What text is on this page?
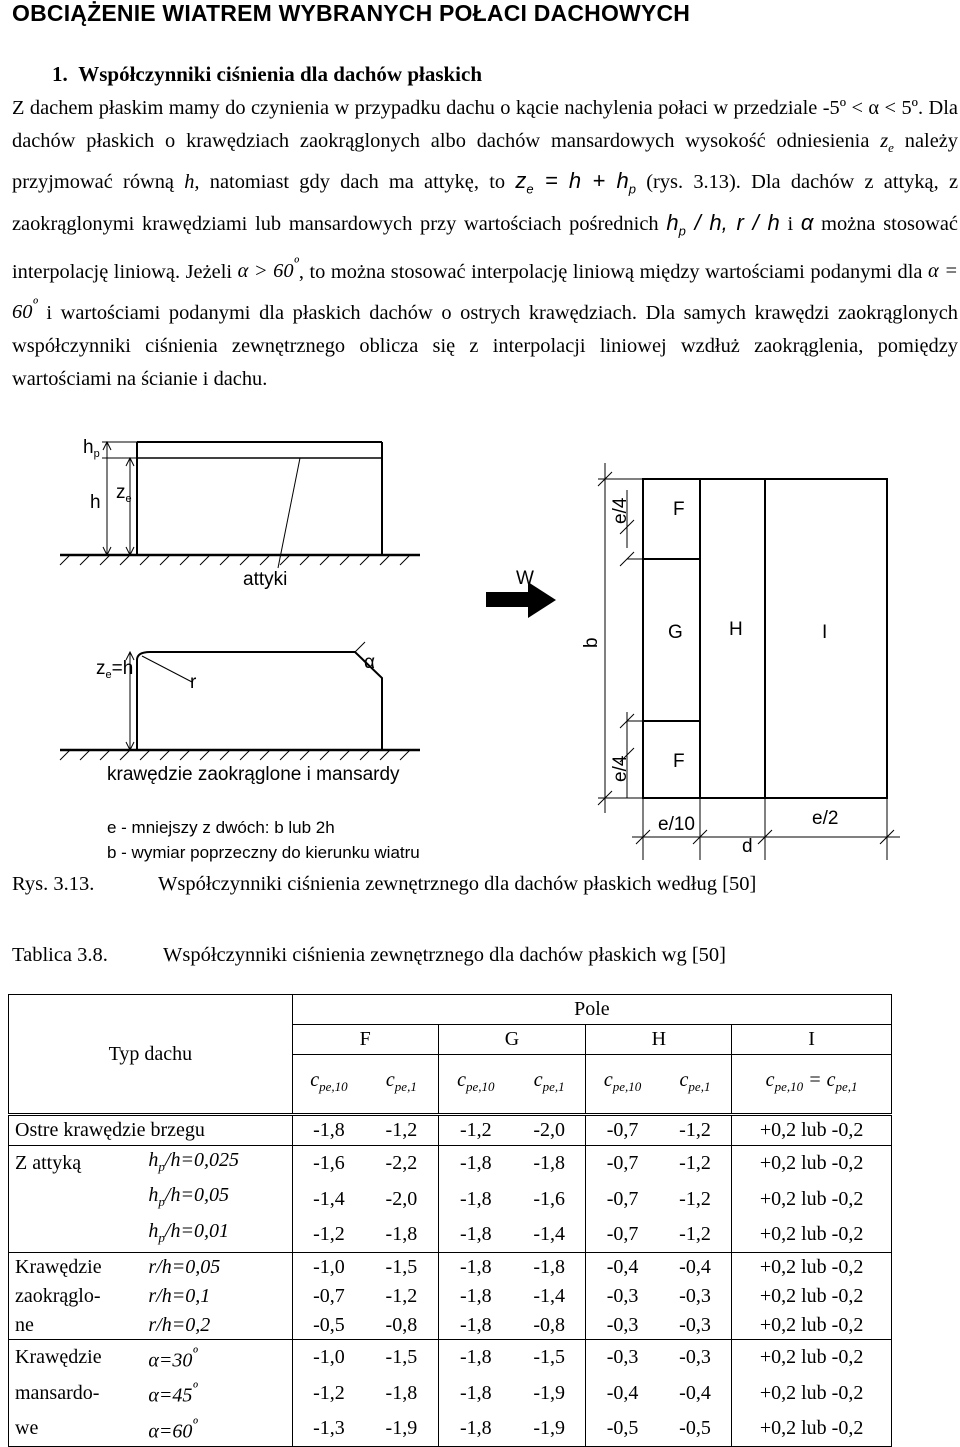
OBCIĄŻENIE WIATREM WYBRANYCH POŁACI DACHOWYCH
1. Współczynniki ciśnienia dla dachów płaskich
Z dachem płaskim mamy do czynienia w przypadku dachu o kącie nachylenia połaci w przedziale -5º < α < 5º. Dla dachów płaskich o krawędziach zaokrąglonych albo dachów mansardowych wysokość odniesienia $z_e$ należy przyjmować równą h, natomiast gdy dach ma attykę, to $z_e = h + h_p$ (rys. 3.13). Dla dachów z attyką, z zaokrąglonymi krawędziami lub mansardowych przy wartościach pośrednich $h_p$ / h, r / h i α można stosować interpolację liniową. Jeżeli $\alpha > 60^º$, to można stosować interpolację liniową między wartościami podanymi dla $\alpha = 60^º$ i wartościami podanymi dla płaskich dachów o ostrych krawędziach. Dla samych krawędzi zaokrąglonych współczynniki ciśnienia zewnętrznego oblicza się z interpolacji liniowej wzdłuż zaokrąglenia, pomiędzy wartościami na ścianie i dachu.
$h_p$
h $z_e$
attyki
$z_e=h$
r
α
krawędzie zaokrąglone i mansardy
W
b
e/4
e/4
F
G H	I
F
e/10
d
e/2
e - mniejszy z dwóch: b lub 2h
b - wymiar poprzeczny do kierunku wiatru
Rys. 3.13.	Współczynniki ciśnienia zewnętrznego dla dachów płaskich według [50]
Tablica 3.8.	Współczynniki ciśnienia zewnętrznego dla dachów płaskich wg [50]
Typ dachu		Pole						
		F		G		H		I
		$c_{pe,10}$	$c_{pe,1}$	$c_{pe,10}$	$c_{pe,1}$	$c_{pe,10}$	$c_{pe,1}$	$c_{pe,10} = c_{pe,1}$
Ostre krawędzie brzegu		-1,8	-1,2	-1,2	-2,0	-0,7	-1,2	+0,2 lub -0,2
Z attyką	$h_p/h=0,025$	-1,6	-2,2	-1,8	-1,8	-0,7	-1,2	+0,2 lub -0,2
	$h_p/h=0,05$	-1,4	-2,0	-1,8	-1,6	-0,7	-1,2	+0,2 lub -0,2
	$h_p/h=0,01$	-1,2	-1,8	-1,8	-1,4	-0,7	-1,2	+0,2 lub -0,2
Krawędzie	r/h=0,05	-1,0	-1,5	-1,8	-1,8	-0,4	-0,4	+0,2 lub -0,2
zaokrąglo-	r/h=0,1	-0,7	-1,2	-1,8	-1,4	-0,3	-0,3	+0,2 lub -0,2
ne	r/h=0,2	-0,5	-0,8	-1,8	-0,8	-0,3	-0,3	+0,2 lub -0,2
Krawędzie	$\alpha=30^º$	-1,0	-1,5	-1,8	-1,5	-0,3	-0,3	+0,2 lub -0,2
mansardo-	$\alpha=45^º$	-1,2	-1,8	-1,8	-1,9	-0,4	-0,4	+0,2 lub -0,2
we	$\alpha=60^º$	-1,3	-1,9	-1,8	-1,9	-0,5	-0,5	+0,2 lub -0,2
